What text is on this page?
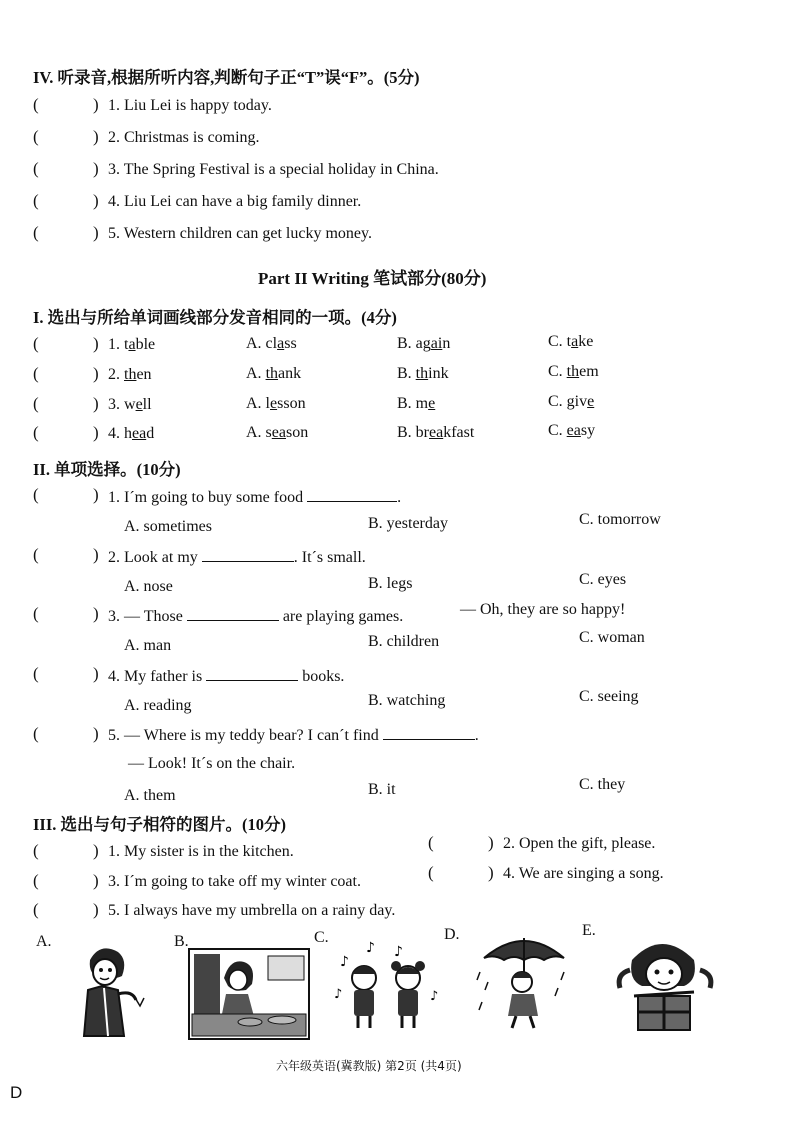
IV. 听录音,根据所听内容,判断句子正“T”误“F”。(5分)
(	) 1. Liu Lei is happy today.
(	) 2. Christmas is coming.
(	) 3. The Spring Festival is a special holiday in China.
(	) 4. Liu Lei can have a big family dinner.
(	) 5. Western children can get lucky money.
Part II Writing 笔试部分(80分)
I. 选出与所给单词画线部分发音相同的一项。(4分)
(	) 1. table	A. class	B. again	C. take
(	) 2. then	A. thank	B. think	C. them
(	) 3. well	A. lesson	B. me	C. give
(	) 4. head	A. season	B. breakfast	C. easy
II. 单项选择。(10分)
(	) 1. I´m going to buy some food	.
A. sometimes	B. yesterday	C. tomorrow
(	) 2. Look at my	. It´s small.
A. nose	B. legs	C. eyes
(	) 3. — Those	are playing games.	— Oh, they are so happy!
A. man	B. children	C. woman
(	) 4. My father is	books.
A. reading	B. watching	C. seeing
(	) 5. — Where is my teddy bear? I can´t find	.
— Look! It´s on the chair.
A. them	B. it	C. they
III. 选出与句子相符的图片。(10分)
(	) 1. My sister is in the kitchen.	(	) 2. Open the gift, please.
(	) 3. I´m going to take off my winter coat.	(	) 4. We are singing a song.
(	) 5. I always have my umbrella on a rainy day.
A.	B.	C.	D.	E.
♪
♪ ♪
♪	♪
六年级英语(冀教版) 第2页 (共4页)
D
